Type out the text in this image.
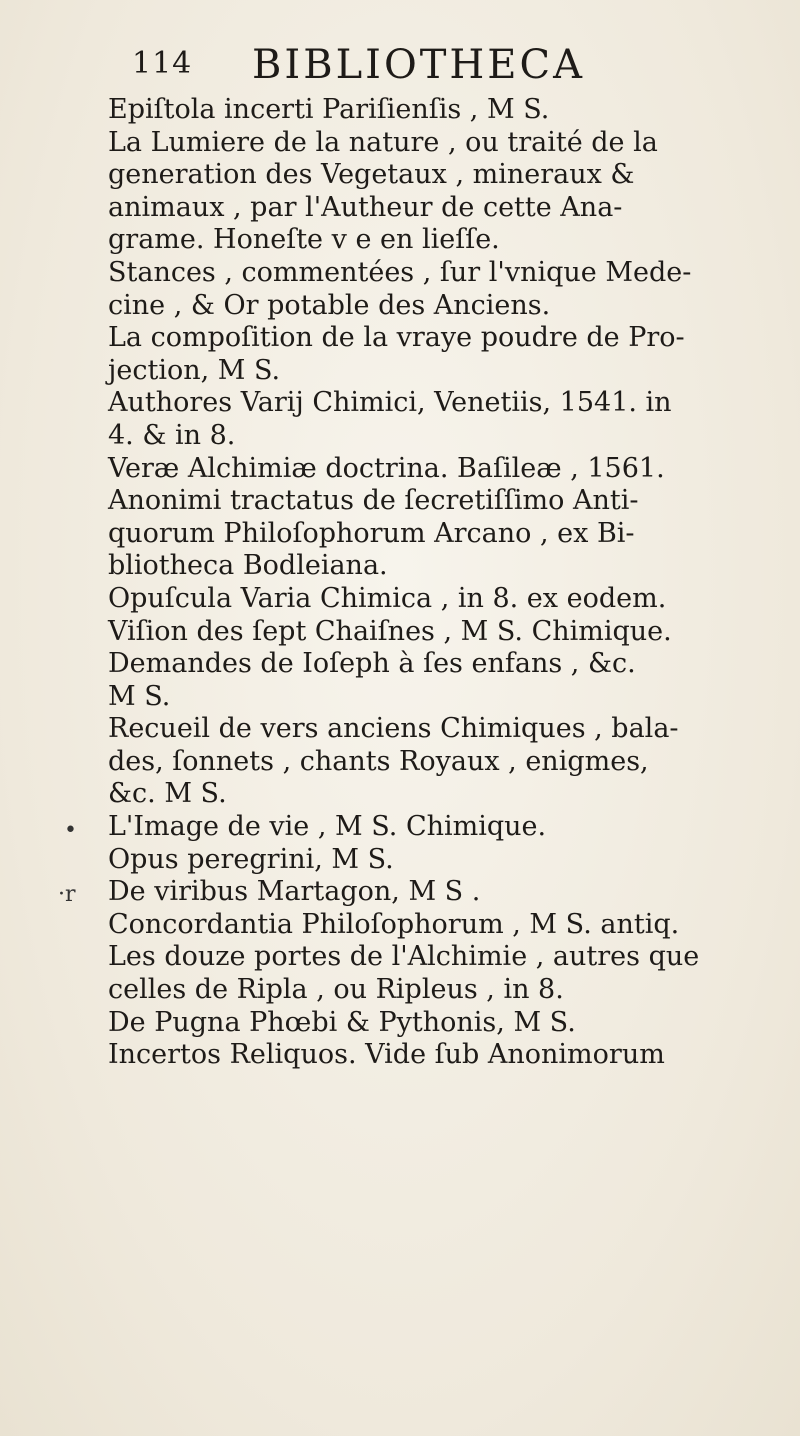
114 BIBLIOTHECA
•
·r
Epiſtola incerti Pariſienſis , M S.
La Lumiere de la nature , ou traité de la
generation des Vegetaux , mineraux &
animaux , par l'Autheur de cette Ana-
grame. Honeſte v e en lieſſe.
Stances , commentées , ſur l'vnique Mede-
cine , & Or potable des Anciens.
La compoſition de la vraye poudre de Pro-
jection, M S.
Authores Varij Chimici, Venetiis, 1541. in
4. & in 8.
Veræ Alchimiæ doctrina. Baſileæ , 1561.
Anonimi tractatus de ſecretiſſimo Anti-
quorum Philoſophorum Arcano , ex Bi-
bliotheca Bodleiana.
Opuſcula Varia Chimica , in 8. ex eodem.
Viſion des ſept Chaiſnes , M S. Chimique.
Demandes de Ioſeph à ſes enfans , &c.
M S.
Recueil de vers anciens Chimiques , bala-
des, ſonnets , chants Royaux , enigmes,
&c. M S.
L'Image de vie , M S. Chimique.
Opus peregrini, M S.
De viribus Martagon, M S .
Concordantia Philoſophorum , M S. antiq.
Les douze portes de l'Alchimie , autres que
celles de Ripla , ou Ripleus , in 8.
De Pugna Phœbi & Pythonis, M S.
Incertos Reliquos. Vide ſub Anonimorum
